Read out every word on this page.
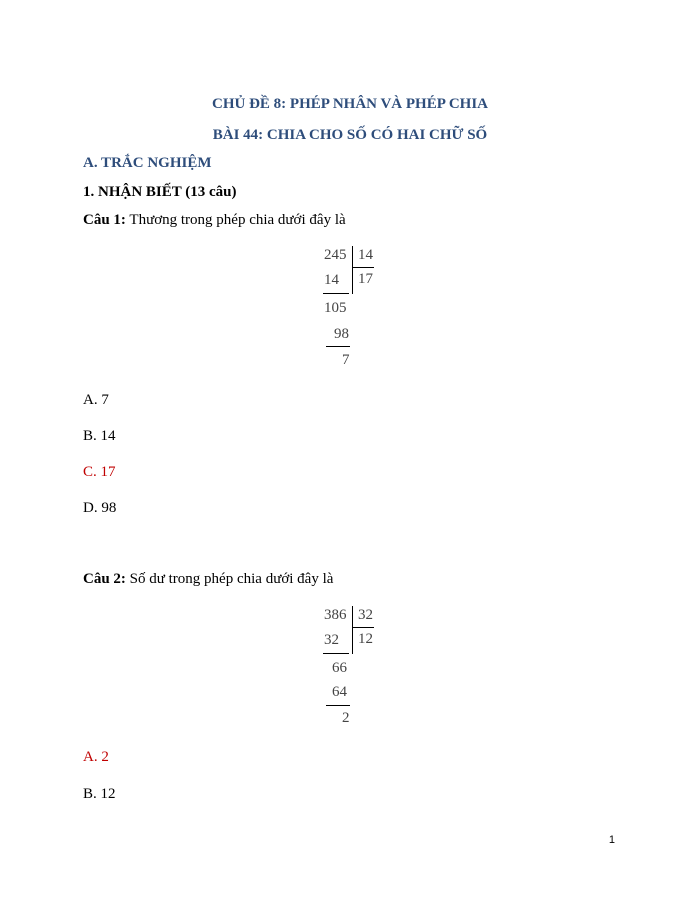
CHỦ ĐỀ 8: PHÉP NHÂN VÀ PHÉP CHIA
BÀI 44: CHIA CHO SỐ CÓ HAI CHỮ SỐ
A. TRẮC NGHIỆM
1. NHẬN BIẾT (13 câu)
Câu 1: Thương trong phép chia dưới đây là
245 14
17
14
105
98
7
A. 7
B. 14
C. 17
D. 98
Câu 2: Số dư trong phép chia dưới đây là
386 32
12
32
66
64
2
A. 2
B. 12
1
